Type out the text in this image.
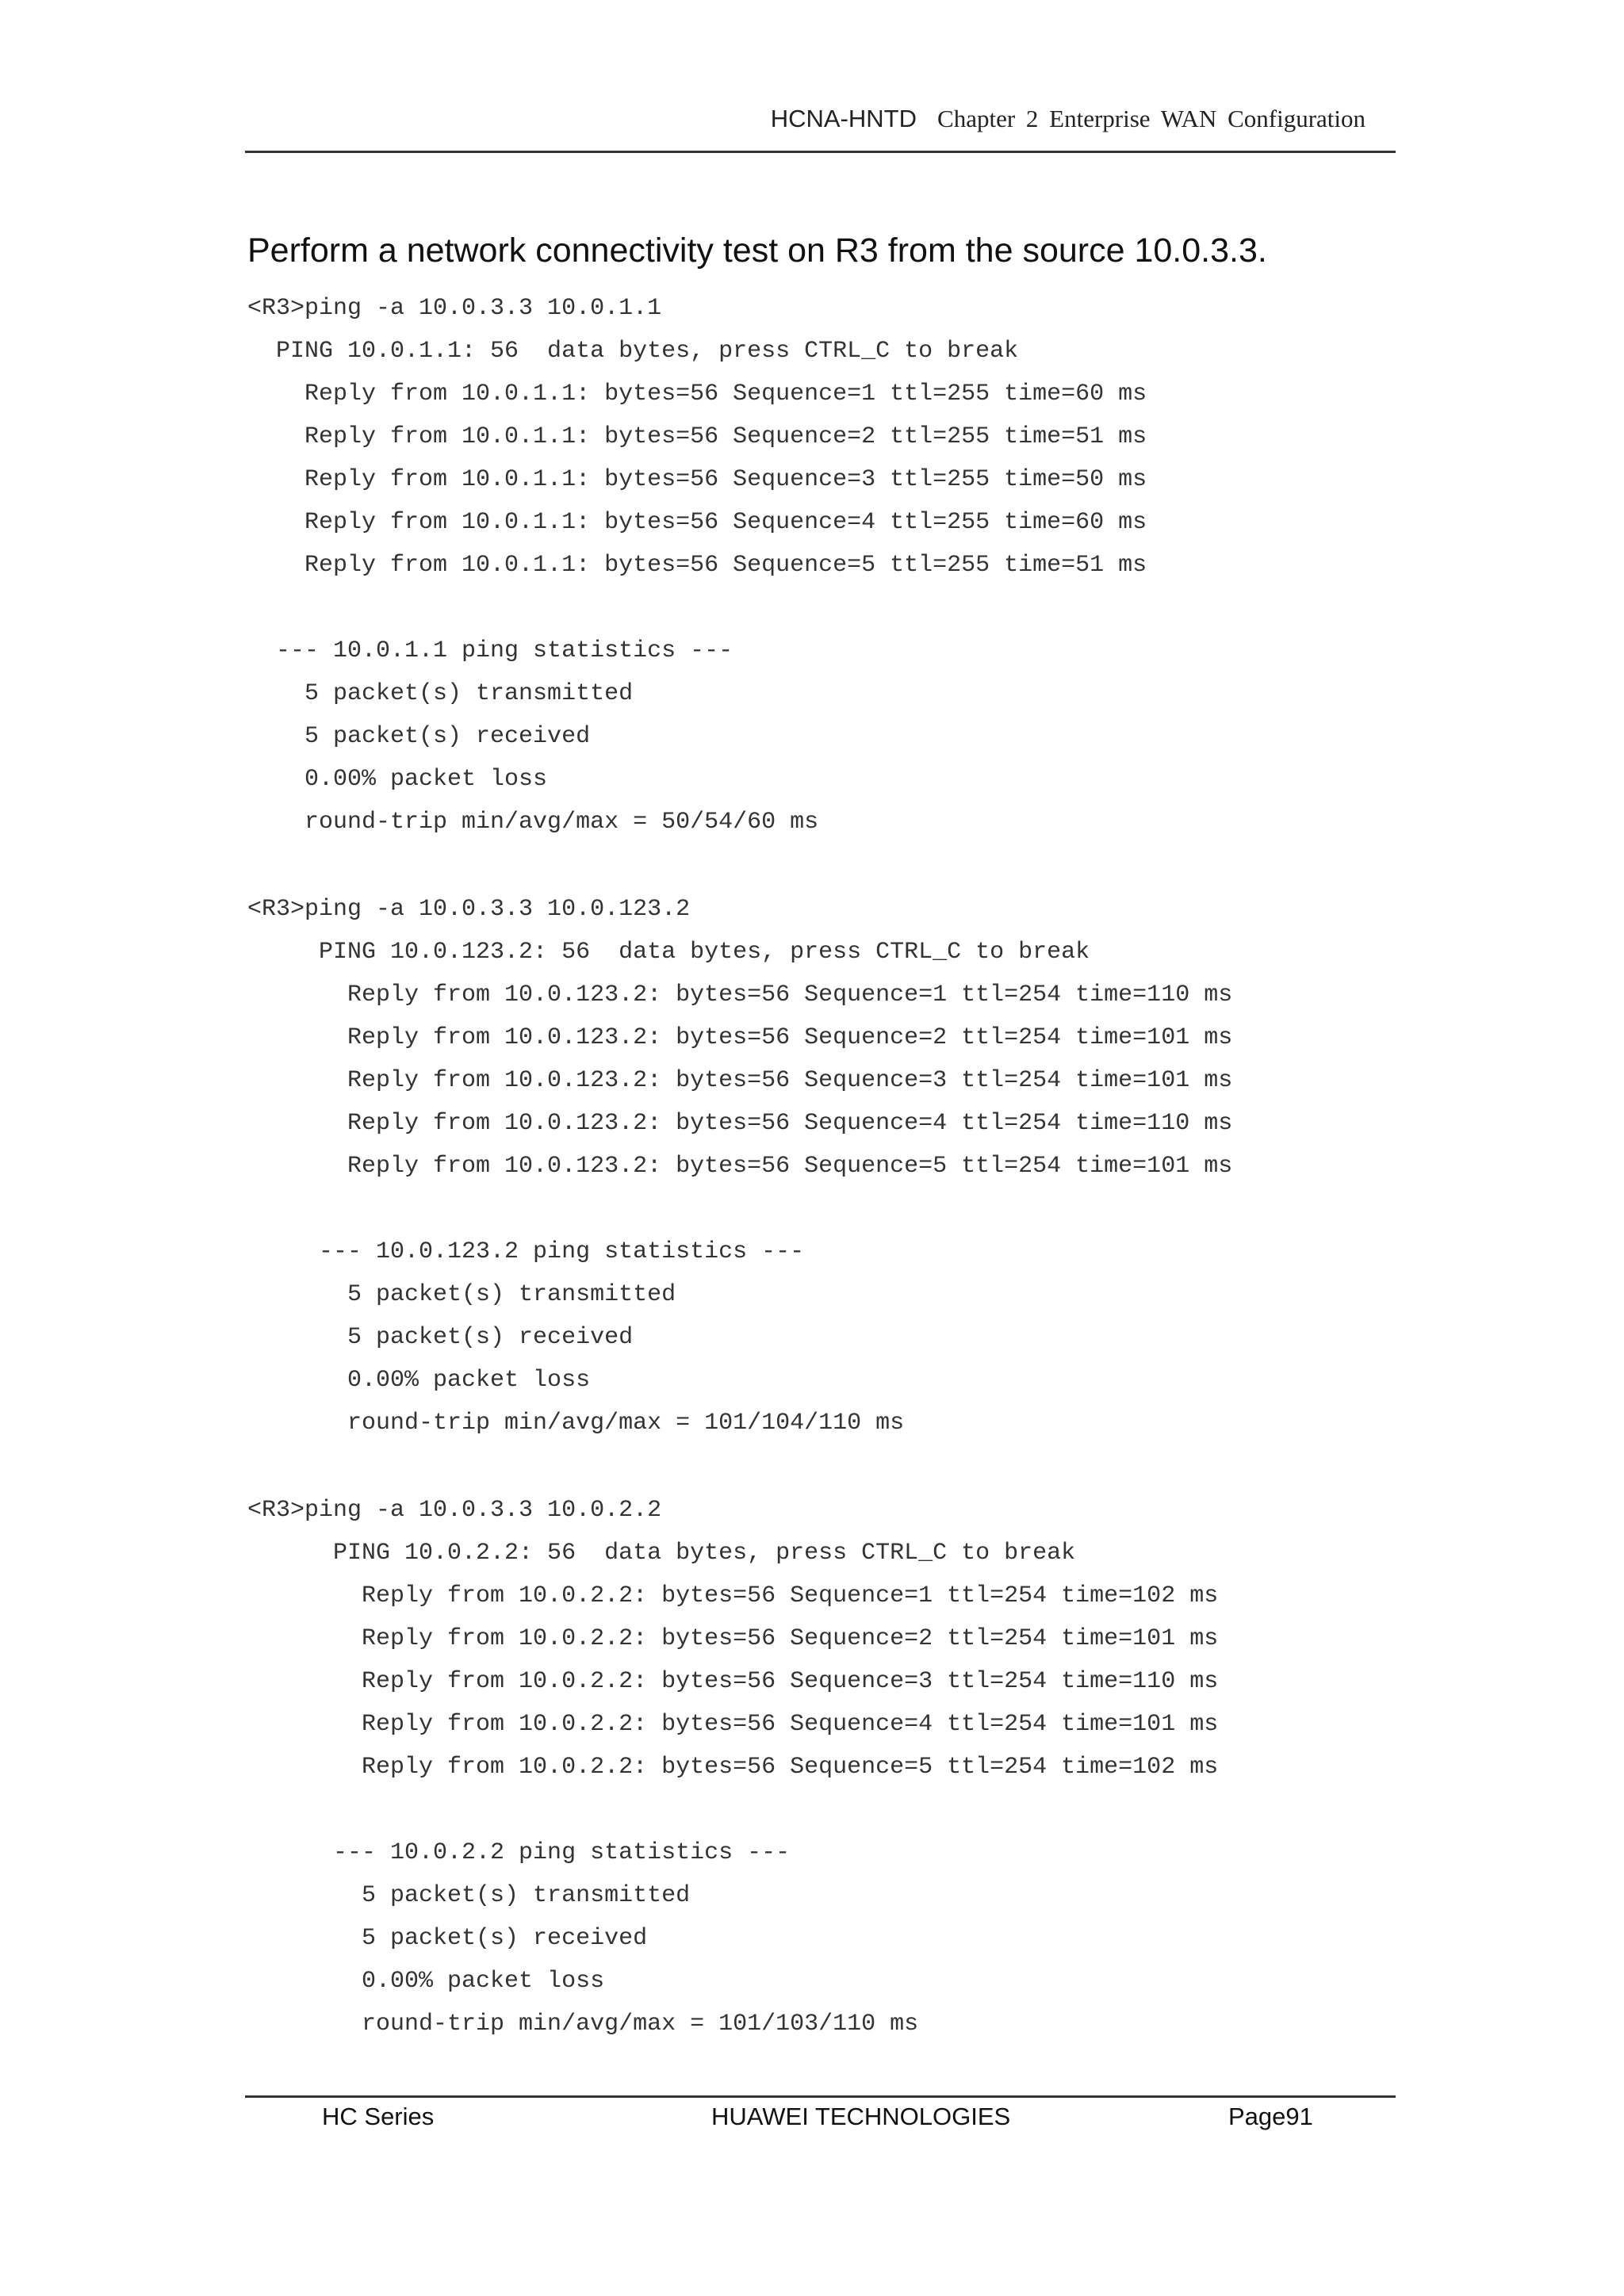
HCNA-HNTD Chapter 2 Enterprise WAN Configuration
Perform a network connectivity test on R3 from the source 10.0.3.3.
<R3>ping -a 10.0.3.3 10.0.1.1
PING 10.0.1.1: 56  data bytes, press CTRL_C to break
Reply from 10.0.1.1: bytes=56 Sequence=1 ttl=255 time=60 ms
Reply from 10.0.1.1: bytes=56 Sequence=2 ttl=255 time=51 ms
Reply from 10.0.1.1: bytes=56 Sequence=3 ttl=255 time=50 ms
Reply from 10.0.1.1: bytes=56 Sequence=4 ttl=255 time=60 ms
Reply from 10.0.1.1: bytes=56 Sequence=5 ttl=255 time=51 ms
--- 10.0.1.1 ping statistics ---
5 packet(s) transmitted
5 packet(s) received
0.00% packet loss
round-trip min/avg/max = 50/54/60 ms
<R3>ping -a 10.0.3.3 10.0.123.2
PING 10.0.123.2: 56  data bytes, press CTRL_C to break
Reply from 10.0.123.2: bytes=56 Sequence=1 ttl=254 time=110 ms
Reply from 10.0.123.2: bytes=56 Sequence=2 ttl=254 time=101 ms
Reply from 10.0.123.2: bytes=56 Sequence=3 ttl=254 time=101 ms
Reply from 10.0.123.2: bytes=56 Sequence=4 ttl=254 time=110 ms
Reply from 10.0.123.2: bytes=56 Sequence=5 ttl=254 time=101 ms
--- 10.0.123.2 ping statistics ---
5 packet(s) transmitted
5 packet(s) received
0.00% packet loss
round-trip min/avg/max = 101/104/110 ms
<R3>ping -a 10.0.3.3 10.0.2.2
PING 10.0.2.2: 56  data bytes, press CTRL_C to break
Reply from 10.0.2.2: bytes=56 Sequence=1 ttl=254 time=102 ms
Reply from 10.0.2.2: bytes=56 Sequence=2 ttl=254 time=101 ms
Reply from 10.0.2.2: bytes=56 Sequence=3 ttl=254 time=110 ms
Reply from 10.0.2.2: bytes=56 Sequence=4 ttl=254 time=101 ms
Reply from 10.0.2.2: bytes=56 Sequence=5 ttl=254 time=102 ms
--- 10.0.2.2 ping statistics ---
5 packet(s) transmitted
5 packet(s) received
0.00% packet loss
round-trip min/avg/max = 101/103/110 ms
HC Series	HUAWEI TECHNOLOGIES	Page91
